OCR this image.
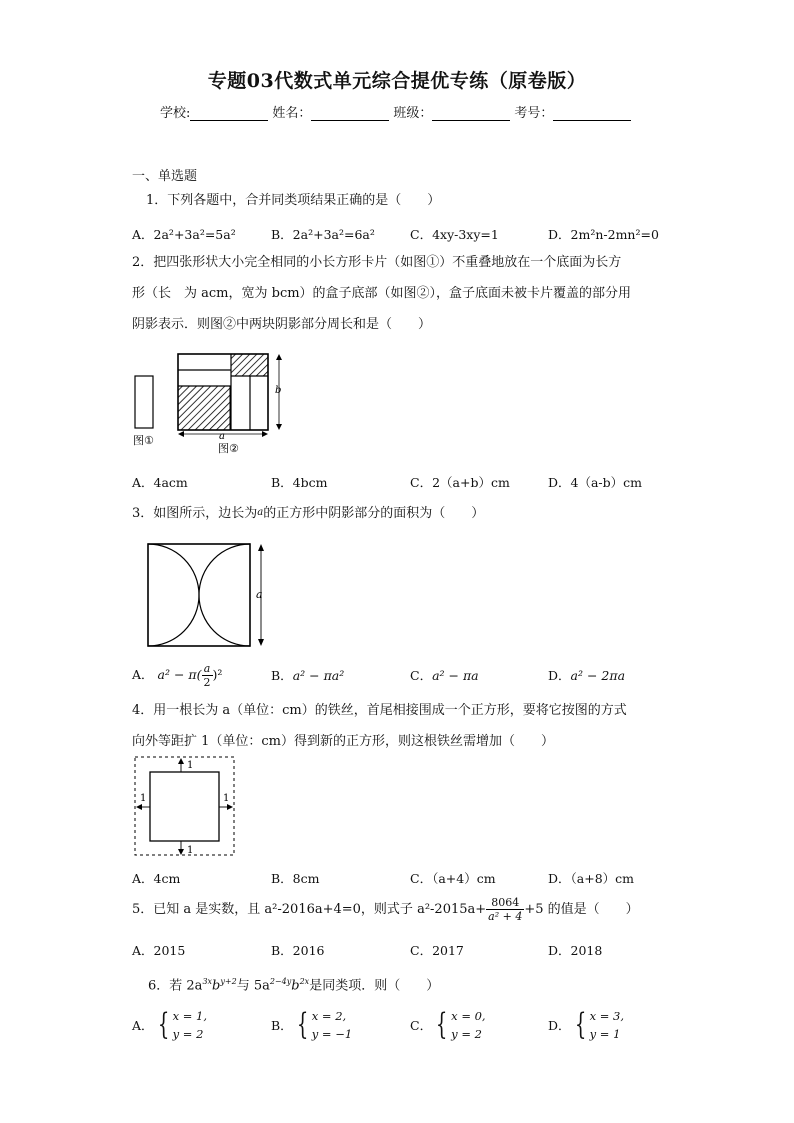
专题03代数式单元综合提优专练（原卷版）
学校:	姓名：	班级：	考号：
一、单选题
1．下列各题中，合并同类项结果正确的是（　　）
A．2a²+3a²=5a²	B．2a²+3a²=6a²	C．4xy-3xy=1	D．2m²n-2mn²=0
2．把四张形状大小完全相同的小长方形卡片（如图①）不重叠地放在一个底面为长方
形（长　为 acm，宽为 bcm）的盒子底部（如图②），盒子底面未被卡片覆盖的部分用
阴影表示．则图②中两块阴影部分周长和是（　　）
b
a
图①
图②
A．4acm	B．4bcm	C．2（a+b）cm	D．4（a-b）cm
3．如图所示，边长为a的正方形中阴影部分的面积为（　　）
a
A． $a^2 - \pi( \frac{a}{2} )^2$	B．a² − πa²	C．a² − πa	D．a² − 2πa
4．用一根长为 a（单位：cm）的铁丝，首尾相接围成一个正方形，要将它按图的方式
向外等距扩 1（单位：cm）得到新的正方形，则这根铁丝需增加（　　）
1
1
1	1
A．4cm	B．8cm	C．（a+4）cm	D．（a+8）cm
5．已知 a 是实数，且 a²-2016a+4=0，则式子 $a^2-2015a+ \frac{8064}{\text{a² + 4}} +5$ 的值是（　　）
A．2015	B．2016	C．2017	D．2018
6．若 $2a^{3x}b^{y+2}$与 $5a^{2-4y}b^{2x}$是同类项．则（　　）
A． { x = 1,
y = 2
B． { x = 2,
y = −1
C． { x = 0,
y = 2
D． { x = 3,
y = 1
